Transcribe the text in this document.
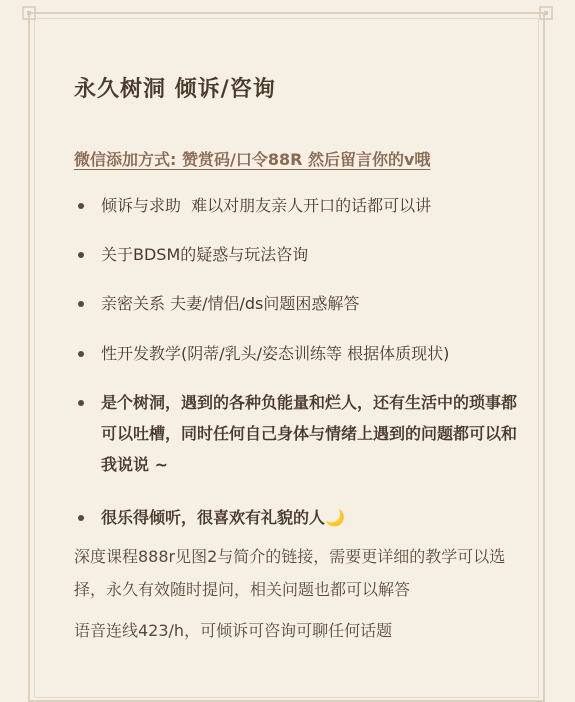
永久树洞 倾诉/咨询
微信添加方式: 赞赏码/口令88R 然后留言你的v哦
倾诉与求助  难以对朋友亲人开口的话都可以讲
关于BDSM的疑惑与玩法咨询
亲密关系 夫妻/情侣/ds问题困惑解答
性开发教学(阴蒂/乳头/姿态训练等 根据体质现状)
是个树洞，遇到的各种负能量和烂人，还有生活中的琐事都可以吐槽，同时任何自己身体与情绪上遇到的问题都可以和我说说 ~
很乐得倾听，很喜欢有礼貌的人🌙
深度课程888r见图2与简介的链接，需要更详细的教学可以选择，永久有效随时提问，相关问题也都可以解答
语音连线423/h，可倾诉可咨询可聊任何话题
